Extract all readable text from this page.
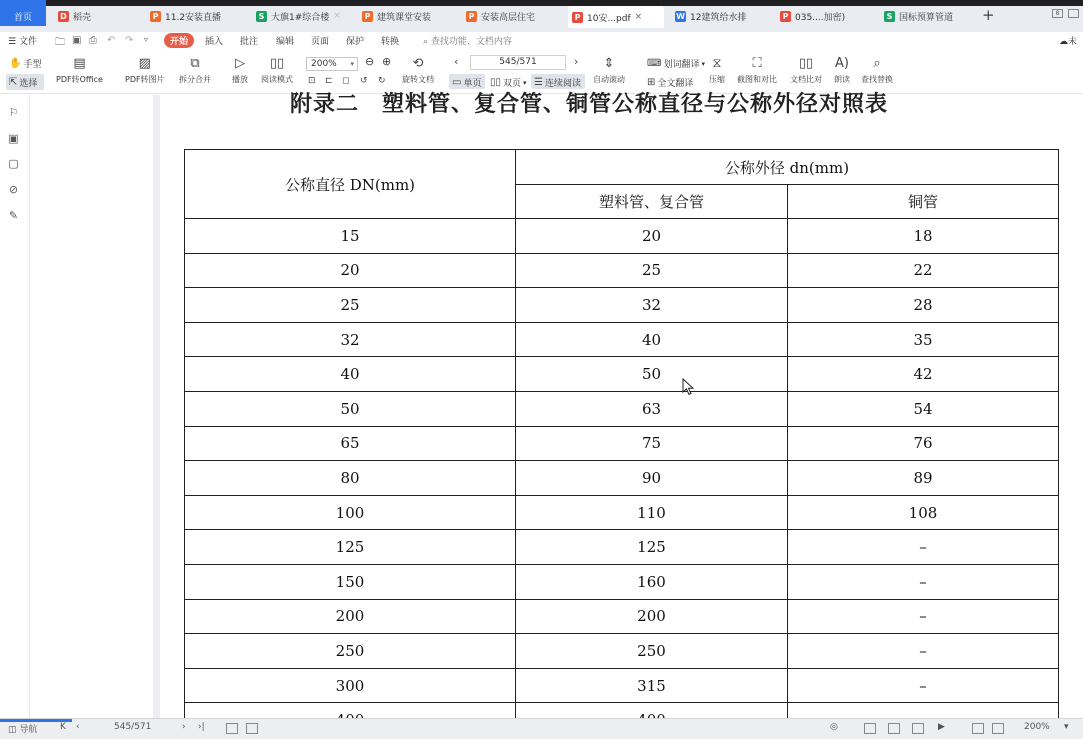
首页	D 稻壳	P 11.2安装直播	S 大旗1#综合楼 ×	P 建筑课堂安装	P 安装高层住宅	P 10安...pdf ×	W 12建筑给水排	P 035....加密)	S 国标预算管道 +	8
☰ 文件 🗀 ▣ ⎙ ↶ ↷ ▿	开始	插入 批注 编辑 页面 保护 转换	⌕ 查找功能、文档内容	☁未
✋ 手型
⇱ 选择
▤
PDF转Office
▨
PDF转图片
⧉
拆分合并
▷
播放
▯▯
阅读模式
200% ▾ ⊖ ⊕
⊡ ⊏ ◻ ↺ ↻
⟲
旋转文档 ▭ 单页 ▯▯ 双页 ▾ ☰ 连续阅读
‹	545/571	› ⇕
自动滚动
⌨ 划词翻译 ▾
⊞ 全文翻译
⧖
压缩
⛶
截图和对比
▯▯
文档比对
A)
朗读
⌕
查找替换
⚐
▣
▢
⊘
✎
附录二　塑料管、复合管、铜管公称直径与公称外径对照表
公称直径 DN(mm)	公称外径 dn(mm)	
	塑料管、复合管	铜管
15	20	18
20	25	22
25	32	28
32	40	35
40	50	42
50	63	54
65	75	76
80	90	89
100	110	108
125	125	–
150	160	–
200	200	–
250	250	–
300	315	–

◫ 导航	K ‹	545/571	› ›|	◎	▶	200% ▾
